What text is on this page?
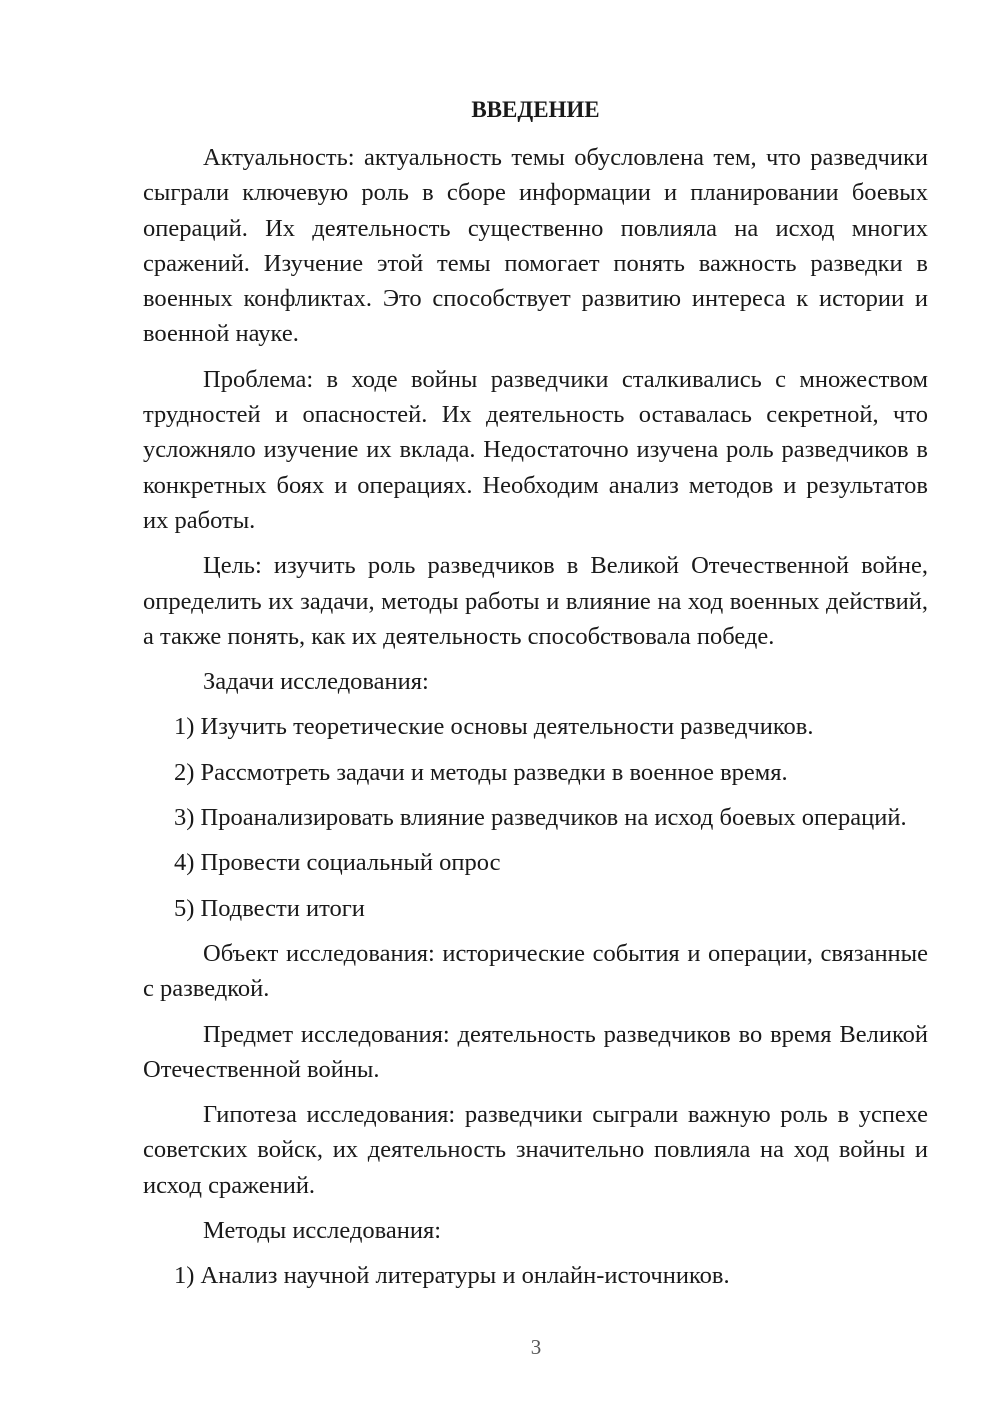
ВВЕДЕНИЕ

Актуальность: актуальность темы обусловлена тем, что разведчики сыграли ключевую роль в сборе информации и планировании боевых операций. Их деятельность существенно повлияла на исход многих сражений. Изучение этой темы помогает понять важность разведки в военных конфликтах. Это способствует развитию интереса к истории и военной науке.

Проблема: в ходе войны разведчики сталкивались с множеством трудностей и опасностей. Их деятельность оставалась секретной, что усложняло изучение их вклада. Недостаточно изучена роль разведчиков в конкретных боях и операциях. Необходим анализ методов и результатов их работы.

Цель: изучить роль разведчиков в Великой Отечественной войне, определить их задачи, методы работы и влияние на ход военных действий, а также понять, как их деятельность способствовала победе.

Задачи исследования:

1) Изучить теоретические основы деятельности разведчиков.

2) Рассмотреть задачи и методы разведки в военное время.

3) Проанализировать влияние разведчиков на исход боевых операций.

4) Провести социальный опрос

5) Подвести итоги

Объект исследования: исторические события и операции, связанные с разведкой.

Предмет исследования: деятельность разведчиков во время Великой Отечественной войны.

Гипотеза исследования: разведчики сыграли важную роль в успехе советских войск, их деятельность значительно повлияла на ход войны и исход сражений.

Методы исследования:

1) Анализ научной литературы и онлайн-источников.

3
